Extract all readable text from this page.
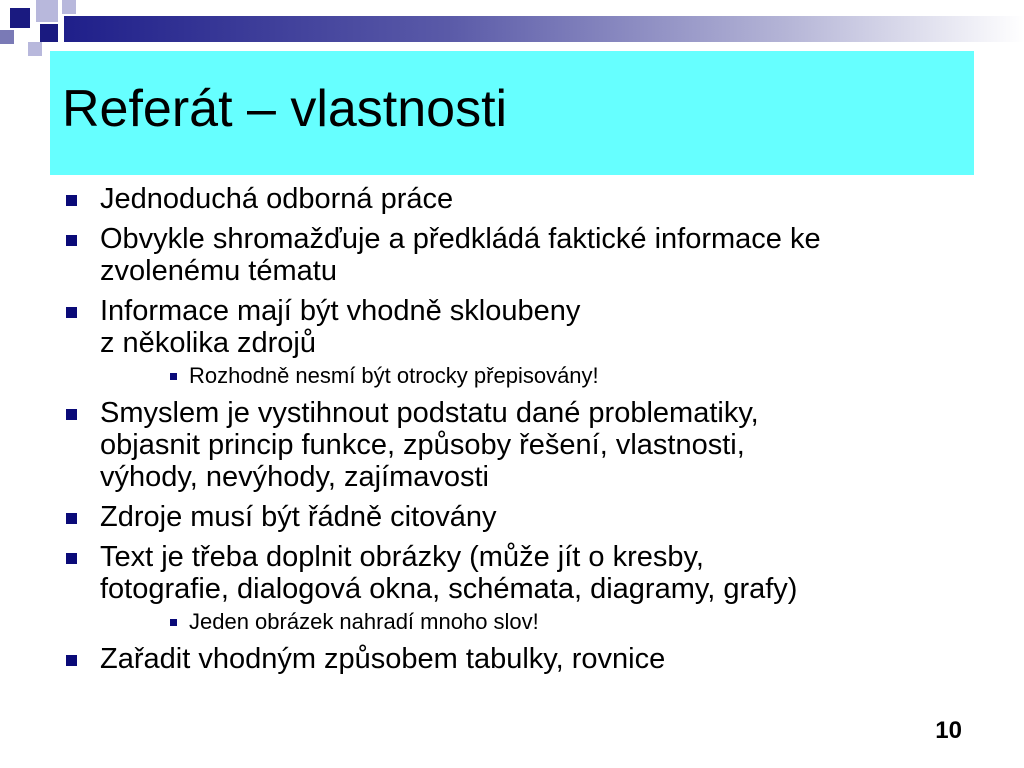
Referát – vlastnosti
Jednoduchá odborná práce
Obvykle shromažďuje a předkládá faktické informace ke
zvolenému tématu
Informace mají být vhodně skloubeny
z několika zdrojů
Rozhodně nesmí být otrocky přepisovány!
Smyslem je vystihnout podstatu dané problematiky,
objasnit princip funkce, způsoby řešení, vlastnosti,
výhody, nevýhody, zajímavosti
Zdroje musí být řádně citovány
Text je třeba doplnit obrázky (může jít o kresby,
fotografie, dialogová okna, schémata, diagramy, grafy)
Jeden obrázek nahradí mnoho slov!
Zařadit vhodným způsobem tabulky, rovnice
10
